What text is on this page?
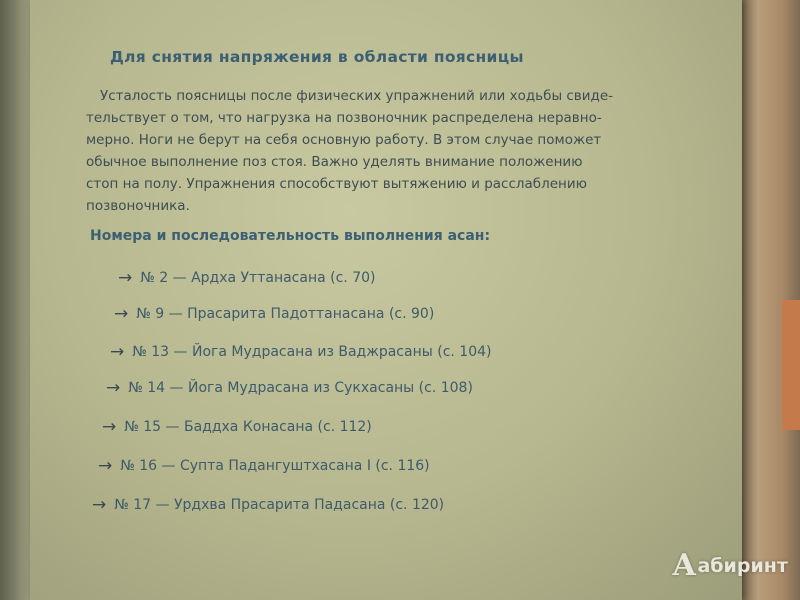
Для снятия напряжения в области поясницы

Усталость поясницы после физических упражнений или ходьбы свиде-
тельствует о том, что нагрузка на позвоночник распределена неравно-
мерно. Ноги не берут на себя основную работу. В этом случае поможет
обычное выполнение поз стоя. Важно уделять внимание положению
стоп на полу. Упражнения способствуют вытяжению и расслаблению
позвоночника.

Номера и последовательность выполнения асан:
→ № 2 — Ардха Уттанасана (с. 70)
→ № 9 — Прасарита Падоттанасана (с. 90)
→ № 13 — Йога Мудрасана из Ваджрасаны (с. 104)
→ № 14 — Йога Мудрасана из Сукхасаны (с. 108)
→ № 15 — Баддха Конасана (с. 112)
→ № 16 — Супта Падангуштхасана I (с. 116)
→ № 17 — Урдхва Прасарита Падасана (с. 120)
А абиринт
